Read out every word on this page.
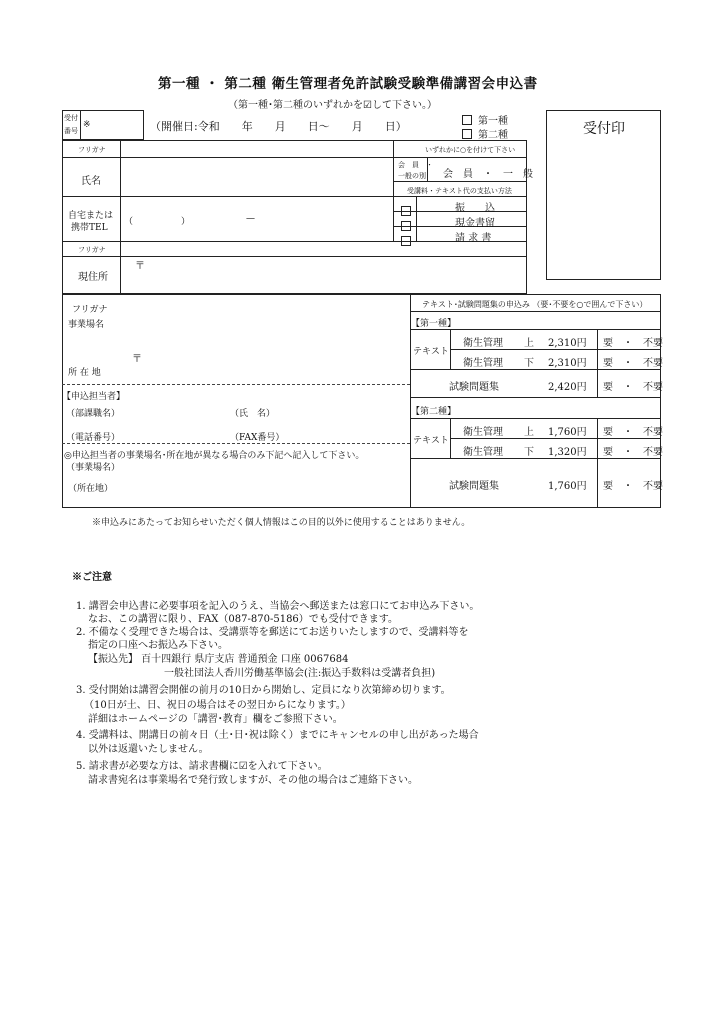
第一種 ・ 第二種 衛生管理者免許試験受験準備講習会申込書
（第一種･第二種のいずれかを☑して下さい。）
受付
番号
※	（開催日:令和　　年　　月　　日〜　　月　　日）	第一種
第二種	受付印
フリガナ
氏名
自宅または
携帯TEL
（	）	—
フリガナ
現住所
〒
いずれかに○を付けて下さい
会　員　・
一般の別 会　員　・　一　般
受講料・テキスト代の支払い方法
振　　込
現金書留
請 求 書
フリガナ
事業場名
〒
所 在 地
【申込担当者】
（部課職名）	（氏　名）
（電話番号）	（FAX番号）
◎申込担当者の事業場名･所在地が異なる場合のみ下記へ記入して下さい。
（事業場名）
（所在地）
テキスト･試験問題集の申込み （要･不要を○で囲んで下さい）
【第一種】
テキスト
衛生管理 上 2,310円 要　・　不要
衛生管理 下 2,310円 要　・　不要
試験問題集	2,420円 要　・　不要
【第二種】
テキスト
衛生管理 上 1,760円 要　・　不要
衛生管理 下 1,320円 要　・　不要
試験問題集	1,760円 要　・　不要
※申込みにあたってお知らせいただく個人情報はこの目的以外に使用することはありません。
※ご注意
1. 講習会申込書に必要事項を記入のうえ、当協会へ郵送または窓口にてお申込み下さい。
なお、この講習に限り、FAX（087-870-5186）でも受付できます。
2. 不備なく受理できた場合は、受講票等を郵送にてお送りいたしますので、受講料等を
指定の口座へお振込み下さい。
【振込先】 百十四銀行 県庁支店 普通預金 口座 0067684
一般社団法人香川労働基準協会(注:振込手数料は受講者負担)
3. 受付開始は講習会開催の前月の10日から開始し、定員になり次第締め切ります。
（10日が土、日、祝日の場合はその翌日からになります。）
詳細はホームページの「講習･教育」欄をご参照下さい。
4. 受講料は、開講日の前々日（土･日･祝は除く）までにキャンセルの申し出があった場合
以外は返還いたしません。
5. 請求書が必要な方は、請求書欄に☑を入れて下さい。
請求書宛名は事業場名で発行致しますが、その他の場合はご連絡下さい。
